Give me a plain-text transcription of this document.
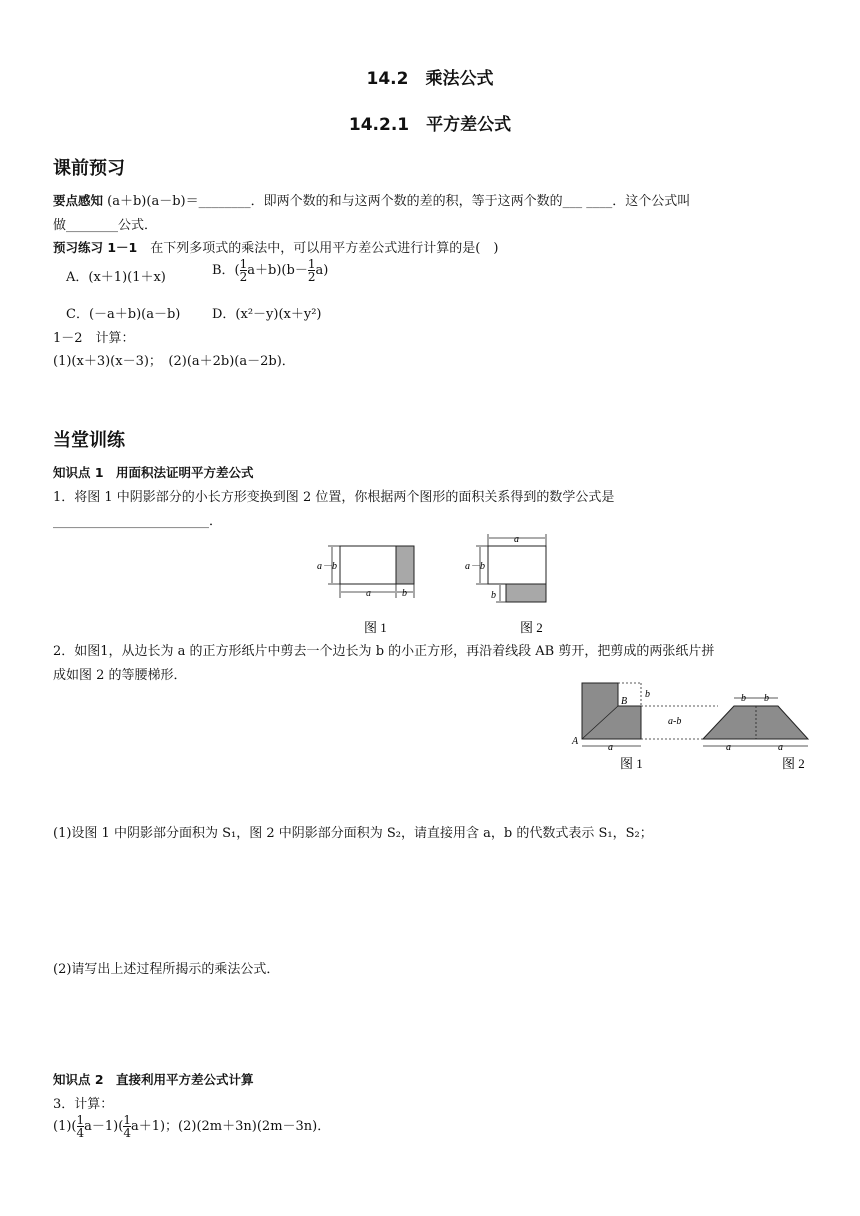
14.2　乘法公式
14.2.1　平方差公式
课前预习
要点感知 (a＋b)(a－b)＝________．即两个数的和与这两个数的差的积，等于这两个数的___ ____．这个公式叫
做________公式．
预习练习 1－1　在下列多项式的乘法中，可以用平方差公式进行计算的是(　)
A．(x＋1)(1＋x)	B．( $\frac{1}{2} a+b)(b- \frac{1}{2} a)$
C．(－a＋b)(a－b) D．(x²－y)(x＋y²)
1－2　计算：
(1)(x＋3)(x－3)；　(2)(a＋2b)(a－2b)．
当堂训练
知识点 1　用面积法证明平方差公式
1．将图 1 中阴影部分的小长方形变换到图 2 位置，你根据两个图形的面积关系得到的数学公式是
________________________．
a－b
a	b
图 1
a
a－b
b
图 2
2．如图1，从边长为 a 的正方形纸片中剪去一个边长为 b 的小正方形，再沿着线段 AB 剪开，把剪成的两张纸片拼
成如图 2 的等腰梯形．
B
A
b
a-b
a
图 1
b b
a	a
图 2
(1)设图 1 中阴影部分面积为 S₁，图 2 中阴影部分面积为 S₂，请直接用含 a，b 的代数式表示 S₁，S₂；
(2)请写出上述过程所揭示的乘法公式．
知识点 2　直接利用平方差公式计算
3．计算：
$(1)( \frac{1}{4} a-1)( \frac{1}{4} a+1)$；(2)(2m＋3n)(2m－3n)．
